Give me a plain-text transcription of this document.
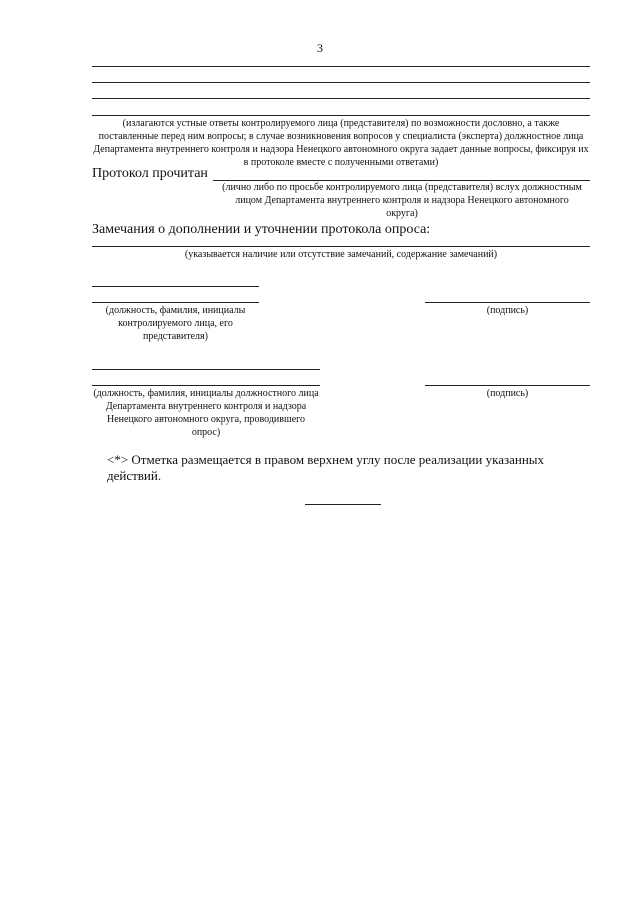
3
(излагаются устные ответы контролируемого лица (представителя) по возможности дословно, а также поставленные перед ним вопросы; в случае возникновения вопросов у специалиста (эксперта) должностное лица Департамента внутреннего контроля и надзора Ненецкого автономного округа задает данные вопросы, фиксируя их в протоколе вместе с полученными ответами)
Протокол прочитан
(лично либо по просьбе контролируемого лица (представителя) вслух должностным лицом Департамента внутреннего контроля и надзора Ненецкого автономного округа)
Замечания о дополнении и уточнении протокола опроса:
(указывается наличие или отсутствие замечаний, содержание замечаний)
(должность, фамилия, инициалы контролируемого лица, его представителя)
(подпись)
(должность, фамилия, инициалы должностного лица Департамента внутреннего контроля и надзора Ненецкого автономного округа, проводившего опрос)
(подпись)
<*> Отметка размещается в правом верхнем углу после реализации указанных действий.
